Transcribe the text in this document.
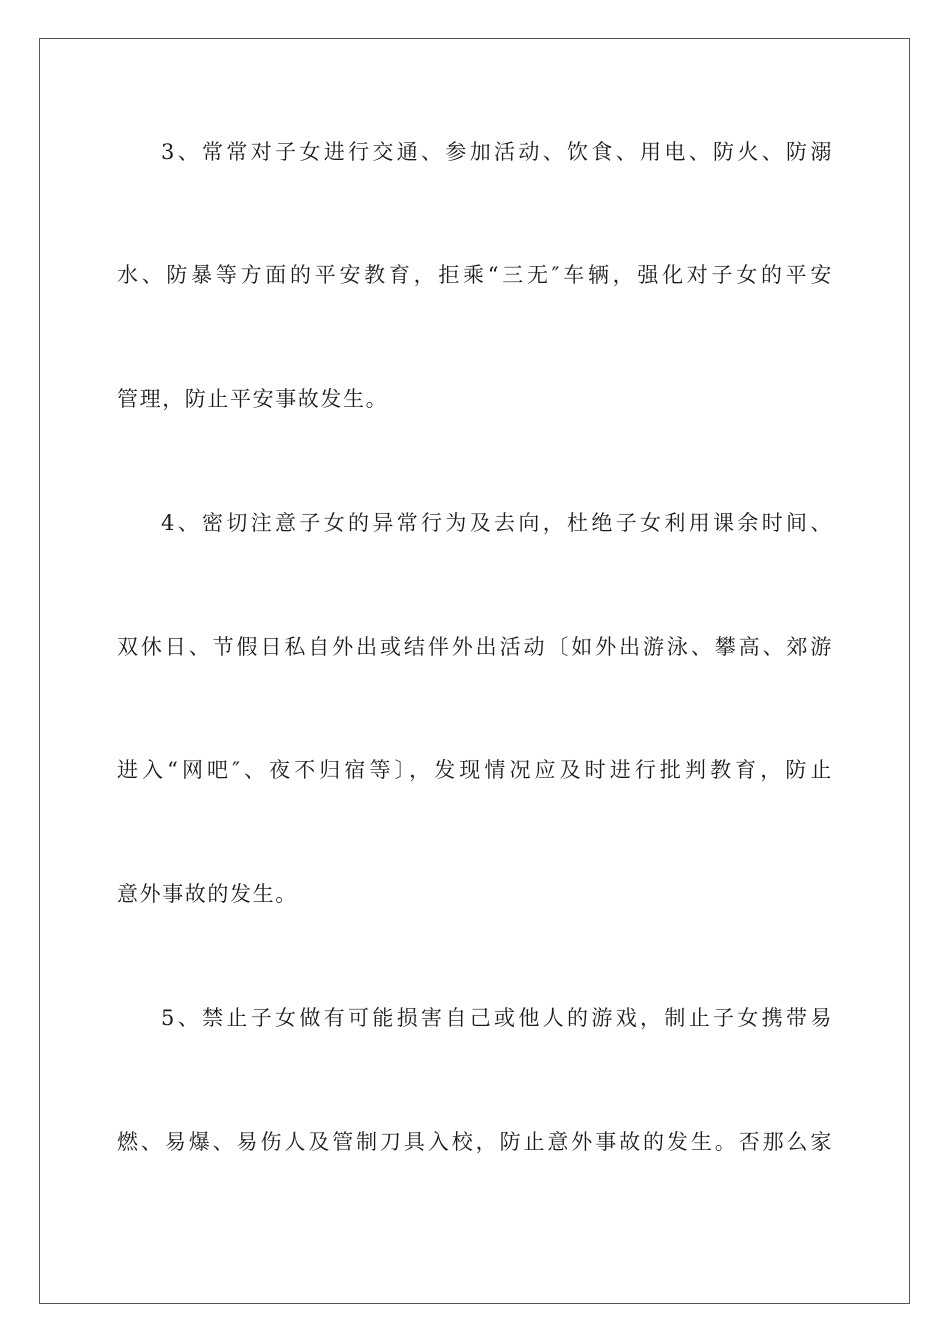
3、常常对子女进行交通、参加活动、饮食、用电、防火、防溺
水、防暴等方面的平安教育，拒乘“三无″车辆，强化对子女的平安
管理，防止平安事故发生。
4、密切注意子女的异常行为及去向，杜绝子女利用课余时间、
双休日、节假日私自外出或结伴外出活动〔如外出游泳、攀高、郊游
进入“网吧″、夜不归宿等〕，发现情况应及时进行批判教育，防止
意外事故的发生。
5、禁止子女做有可能损害自己或他人的游戏，制止子女携带易
燃、易爆、易伤人及管制刀具入校，防止意外事故的发生。否那么家
